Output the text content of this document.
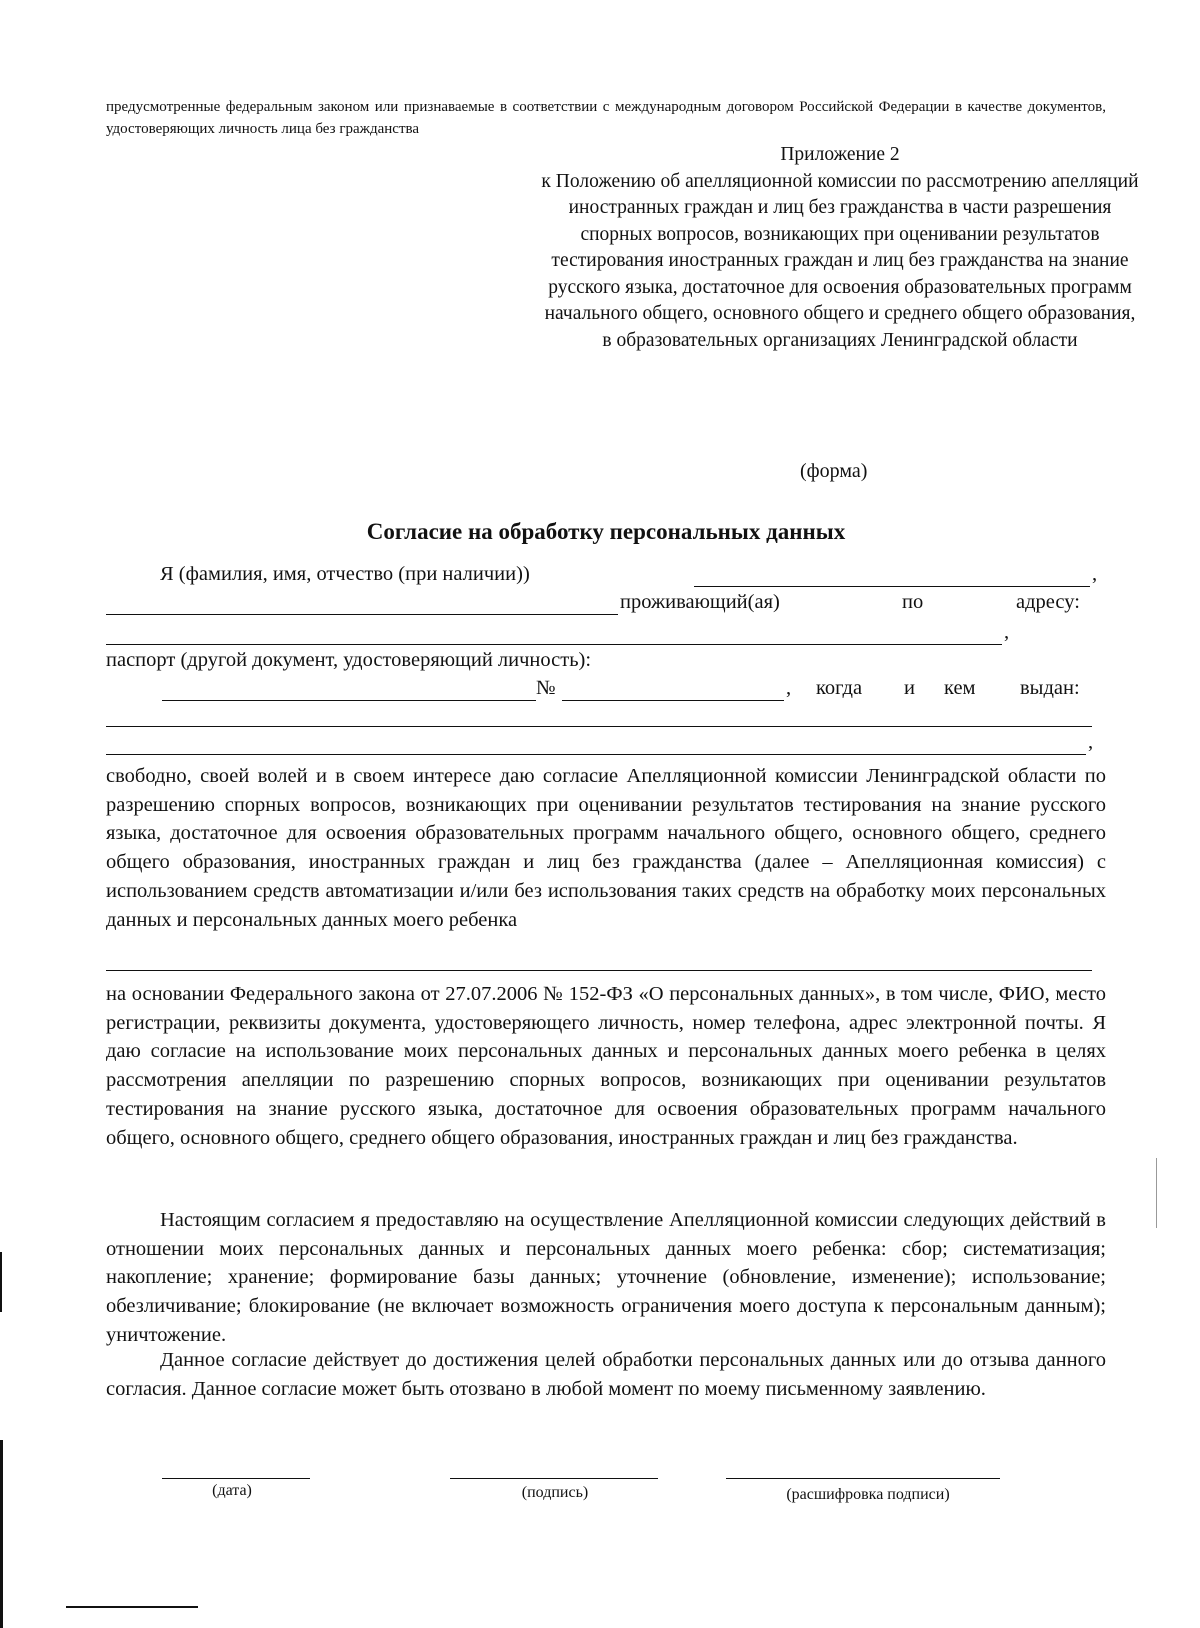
предусмотренные федеральным законом или признаваемые в соответствии с международным договором Российской Федерации в качестве документов, удостоверяющих личность лица без гражданства
Приложение 2
к Положению об апелляционной комиссии по рассмотрению апелляций иностранных граждан и лиц без гражданства в части разрешения спорных вопросов, возникающих при оценивании результатов тестирования иностранных граждан и лиц без гражданства на знание русского языка, достаточное для освоения образовательных программ начального общего, основного общего и среднего общего образования, в образовательных организациях Ленинградской области
(форма)
Согласие на обработку персональных данных
Я (фамилия, имя, отчество (при наличии))	,
проживающий(ая)	по	адресу:
,
паспорт (другой документ, удостоверяющий личность):
№	, когда и кем выдан:
,
свободно, своей волей и в своем интересе даю согласие Апелляционной комиссии Ленинградской области по разрешению спорных вопросов, возникающих при оценивании результатов тестирования на знание русского языка, достаточное для освоения образовательных программ начального общего, основного общего, среднего общего образования, иностранных граждан и лиц без гражданства (далее – Апелляционная комиссия) с использованием средств автоматизации и/или без использования таких средств на обработку моих персональных данных и персональных данных моего ребенка
на основании Федерального закона от 27.07.2006 № 152-ФЗ «О персональных данных», в том числе, ФИО, место регистрации, реквизиты документа, удостоверяющего личность, номер телефона, адрес электронной почты. Я даю согласие на использование моих персональных данных и персональных данных моего ребенка в целях рассмотрения апелляции по разрешению спорных вопросов, возникающих при оценивании результатов тестирования на знание русского языка, достаточное для освоения образовательных программ начального общего, основного общего, среднего общего образования, иностранных граждан и лиц без гражданства.
Настоящим согласием я предоставляю на осуществление Апелляционной комиссии следующих действий в отношении моих персональных данных и персональных данных моего ребенка: сбор; систематизация; накопление; хранение; формирование базы данных; уточнение (обновление, изменение); использование; обезличивание; блокирование (не включает возможность ограничения моего доступа к персональным данным); уничтожение.
Данное согласие действует до достижения целей обработки персональных данных или до отзыва данного согласия. Данное согласие может быть отозвано в любой момент по моему письменному заявлению.
(дата)	(подпись)	(расшифровка подписи)
